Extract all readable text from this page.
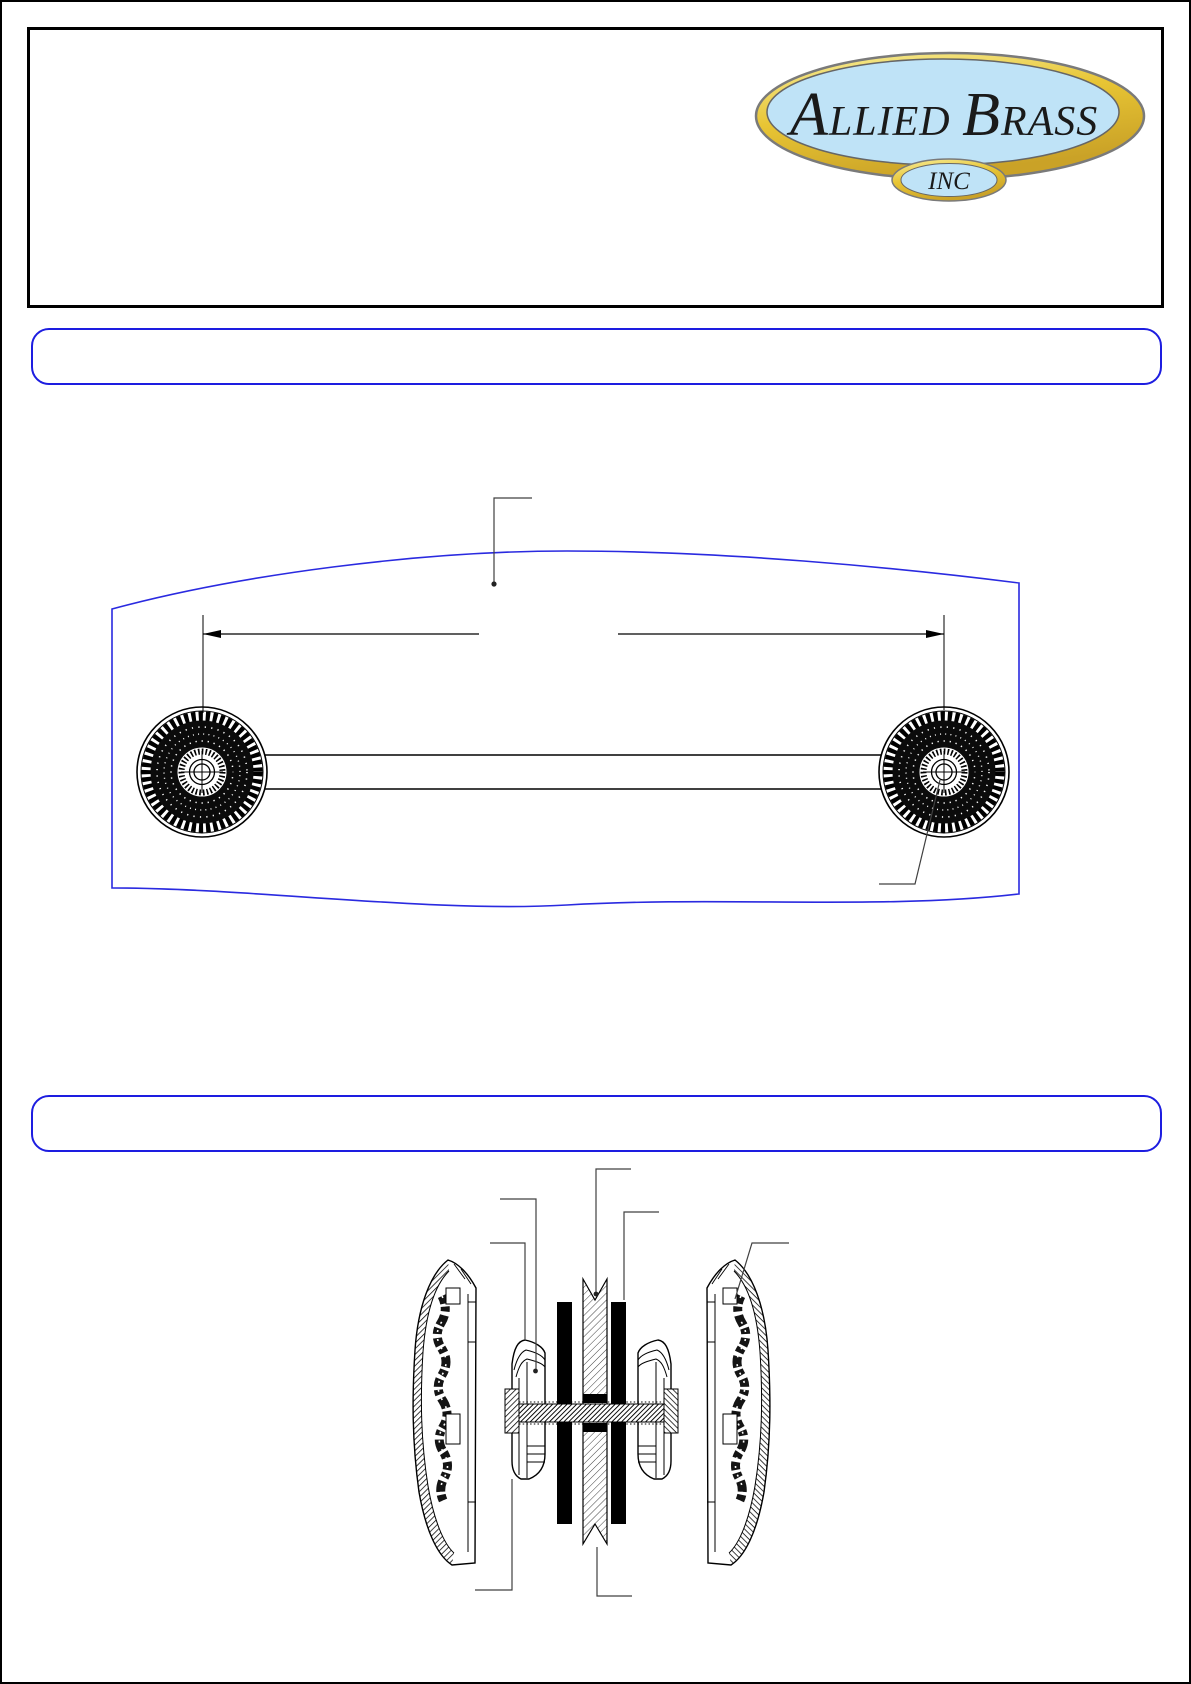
ALLIED BRASS
INC
